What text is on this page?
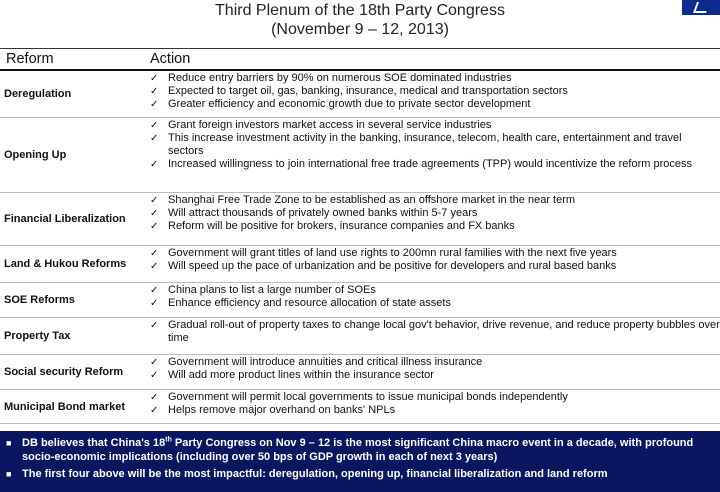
Third Plenum of the 18th Party Congress
(November 9 – 12, 2013)
Reform	Action
Deregulation
✓ Reduce entry barriers by 90% on numerous SOE dominated industries
✓ Expected to target oil, gas, banking, insurance, medical and transportation sectors
✓ Greater efficiency and economic growth due to private sector development
Opening Up
✓ Grant foreign investors market access in several service industries
✓ This increase investment activity in the banking, insurance, telecom, health care, entertainment and travel sectors
✓ Increased willingness to join international free trade agreements (TPP) would incentivize the reform process
Financial Liberalization
✓ Shanghai Free Trade Zone to be established as an offshore market in the near term
✓ Will attract thousands of privately owned banks within 5-7 years
✓ Reform will be positive for brokers, insurance companies and FX banks
Land & Hukou Reforms
✓ Government will grant titles of land use rights to 200mn rural families with the next five years
✓ Will speed up the pace of urbanization and be positive for developers and rural based banks
SOE Reforms
✓ China plans to list a large number of SOEs
✓ Enhance efficiency and resource allocation of state assets
Property Tax
✓ Gradual roll-out of property taxes to change local gov't behavior, drive revenue, and reduce property bubbles over time
Social security Reform
✓ Government will introduce annuities and critical illness insurance
✓ Will add more product lines within the insurance sector
Municipal Bond market
✓ Government will permit local governments to issue municipal bonds independently
✓ Helps remove major overhand on banks' NPLs
■ DB believes that China's 18th Party Congress on Nov 9 – 12 is the most significant China macro event in a decade, with profound socio-economic implications (including over 50 bps of GDP growth in each of next 3 years)
■ The first four above will be the most impactful: deregulation, opening up, financial liberalization and land reform
